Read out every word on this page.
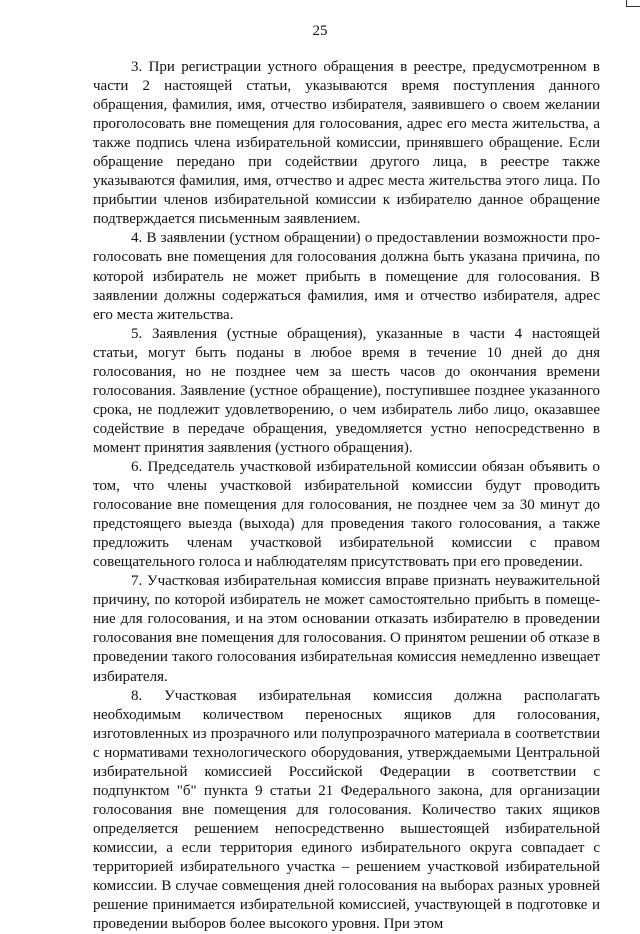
25

3. При регистрации устного обращения в реестре, предусмотренном в части 2 настоящей статьи, указываются время поступления данного обращения, фамилия, имя, отчество избирателя, заявившего о своем желании проголосовать вне помещения для голосования, адрес его места жительства, а также подпись члена избирательной комиссии, принявшего обращение. Если обращение передано при содействии другого лица, в реестре также указываются фамилия, имя, отчество и адрес места жительства этого лица. По прибытии членов избирательной комиссии к избирателю данное обращение подтверждается письменным заявлением.

4. В заявлении (устном обращении) о предоставлении возможности проголосовать вне помещения для голосования должна быть указана причина, по которой избиратель не может прибыть в помещение для голосования. В заявлении должны содержаться фамилия, имя и отчество избирателя, адрес его места жительства.

5. Заявления (устные обращения), указанные в части 4 настоящей статьи, могут быть поданы в любое время в течение 10 дней до дня голосования, но не позднее чем за шесть часов до окончания времени голосования. Заявление (устное обращение), поступившее позднее указанного срока, не подлежит удовлетворению, о чем избиратель либо лицо, оказавшее содействие в передаче обращения, уведомляется устно непосредственно в момент принятия заявления (устного обращения).

6. Председатель участковой избирательной комиссии обязан объявить о том, что члены участковой избирательной комиссии будут проводить голосование вне помещения для голосования, не позднее чем за 30 минут до предстоящего выезда (выхода) для проведения такого голосования, а также предложить членам участковой избирательной комиссии с правом совещательного голоса и наблюдателям присутствовать при его проведении.

7. Участковая избирательная комиссия вправе признать неуважительной причину, по которой избиратель не может самостоятельно прибыть в помещение для голосования, и на этом основании отказать избирателю в проведении голосования вне помещения для голосования. О принятом решении об отказе в проведении такого голосования избирательная комиссия немедленно извещает избирателя.

8. Участковая избирательная комиссия должна располагать необходимым количеством переносных ящиков для голосования, изготовленных из прозрачного или полупрозрачного материала в соответствии с нормативами технологического оборудования, утверждаемыми Центральной избирательной комиссией Российской Федерации в соответствии с подпунктом "б" пункта 9 статьи 21 Федерального закона, для организации голосования вне помещения для голосования. Количество таких ящиков определяется решением непосредственно вышестоящей избирательной комиссии, а если территория единого избирательного округа совпадает с территорией избирательного участка – решением участковой избирательной комиссии. В случае совмещения дней голосования на выборах разных уровней решение принимается избирательной комиссией, участвующей в подготовке и проведении выборов более высокого уровня. При этом
